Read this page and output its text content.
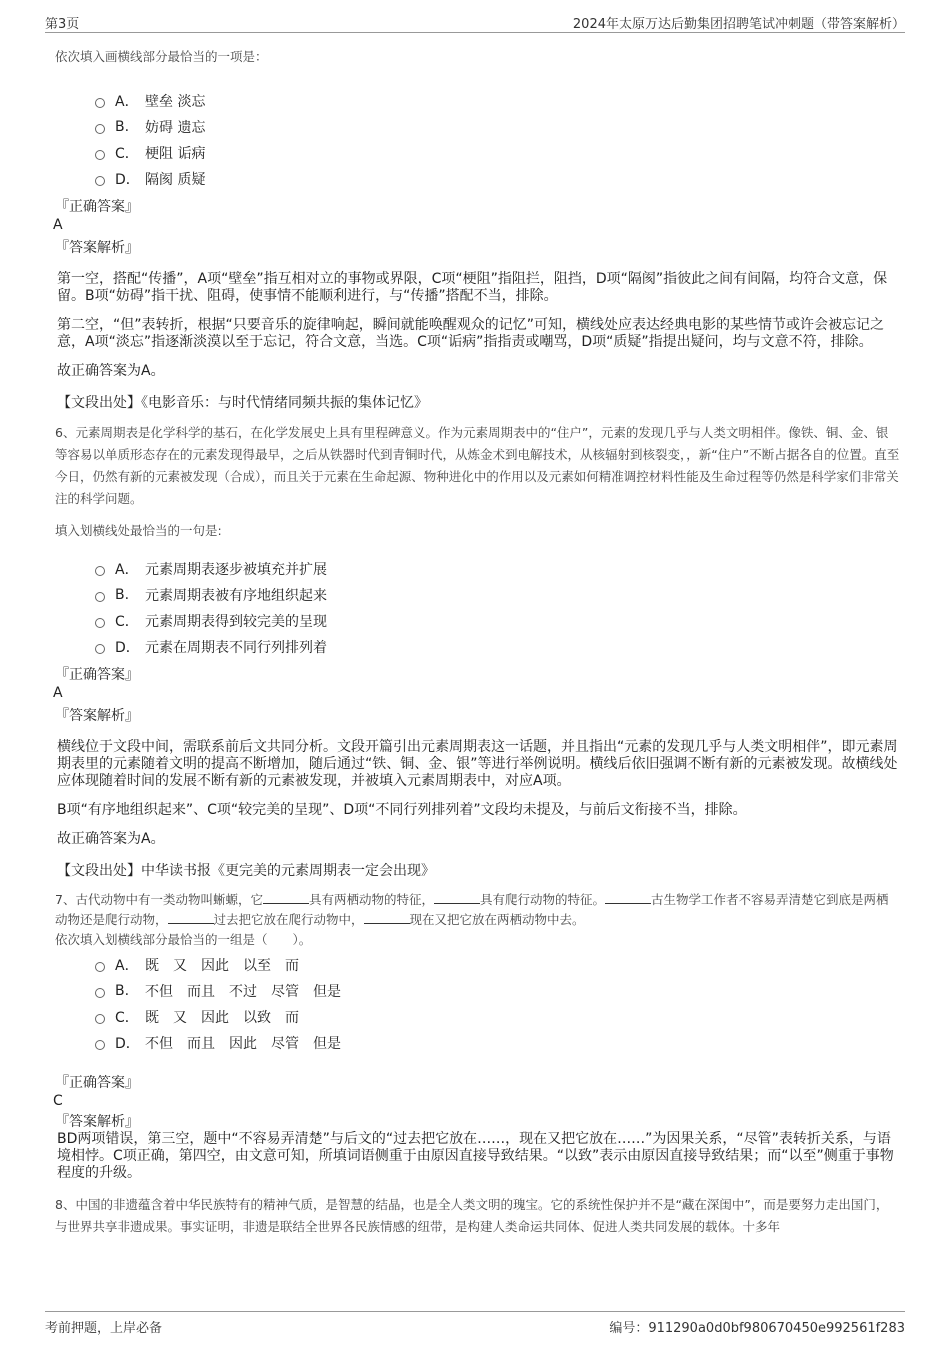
第3页	2024年太原万达后勤集团招聘笔试冲刺题（带答案解析）
依次填入画横线部分最恰当的一项是：
A． 壁垒 淡忘
B.	妨碍 遗忘
C． 梗阻 诟病
D． 隔阂 质疑
『正确答案』
A
『答案解析』
第一空，搭配“传播”，A项“壁垒”指互相对立的事物或界限，C项“梗阻”指阻拦，阻挡，D项“隔阂”指彼此之间有间隔，均符合文意，保留。B项“妨碍”指干扰、阻碍，使事情不能顺利进行，与“传播”搭配不当，排除。
第二空，“但”表转折，根据“只要音乐的旋律响起，瞬间就能唤醒观众的记忆”可知，横线处应表达经典电影的某些情节或许会被忘记之意，A项“淡忘”指逐渐淡漠以至于忘记，符合文意，当选。C项“诟病”指指责或嘲骂，D项“质疑”指提出疑问，均与文意不符，排除。
故正确答案为A。
【文段出处】《电影音乐：与时代情绪同频共振的集体记忆》
6、元素周期表是化学科学的基石，在化学发展史上具有里程碑意义。作为元素周期表中的“住户”，元素的发现几乎与人类文明相伴。像铁、铜、金、银等容易以单质形态存在的元素发现得最早，之后从铁器时代到青铜时代，从炼金术到电解技术，从核辐射到核裂变，，新“住户”不断占据各自的位置。直至今日，仍然有新的元素被发现（合成），而且关于元素在生命起源、物种进化中的作用以及元素如何精准调控材料性能及生命过程等仍然是科学家们非常关注的科学问题。
填入划横线处最恰当的一句是:
A． 元素周期表逐步被填充并扩展
B.	元素周期表被有序地组织起来
C． 元素周期表得到较完美的呈现
D． 元素在周期表不同行列排列着
『正确答案』
A
『答案解析』
横线位于文段中间，需联系前后文共同分析。文段开篇引出元素周期表这一话题，并且指出“元素的发现几乎与人类文明相伴”，即元素周期表里的元素随着文明的提高不断增加，随后通过“铁、铜、金、银”等进行举例说明。横线后依旧强调不断有新的元素被发现。故横线处应体现随着时间的发展不断有新的元素被发现，并被填入元素周期表中，对应A项。
B项“有序地组织起来”、C项“较完美的呈现”、D项“不同行列排列着”文段均未提及，与前后文衔接不当，排除。
故正确答案为A。
【文段出处】中华读书报《更完美的元素周期表一定会出现》
7、古代动物中有一类动物叫蜥螈，它	具有两栖动物的特征，	具有爬行动物的特征。	古生物学工作者不容易弄清楚它到底是两栖动物还是爬行动物，	过去把它放在爬行动物中，	现在又把它放在两栖动物中去。
依次填入划横线部分最恰当的一组是（　　）。
A． 既　又　因此　以至　而
B.	不但　而且　不过　尽管　但是
C． 既　又　因此　以致　而
D． 不但　而且　因此　尽管　但是
『正确答案』
C
『答案解析』
BD两项错误，第三空，题中“不容易弄清楚”与后文的“过去把它放在……，现在又把它放在……”为因果关系，“尽管”表转折关系，与语境相悖。C项正确，第四空，由文意可知，所填词语侧重于由原因直接导致结果。“以致”表示由原因直接导致结果；而“以至”侧重于事物程度的升级。
8、中国的非遗蕴含着中华民族特有的精神气质，是智慧的结晶，也是全人类文明的瑰宝。它的系统性保护并不是“藏在深闺中”，而是要努力走出国门，与世界共享非遗成果。事实证明，非遗是联结全世界各民族情感的纽带，是构建人类命运共同体、促进人类共同发展的载体。十多年
考前押题，上岸必备	编号：911290a0d0bf980670450e992561f283
